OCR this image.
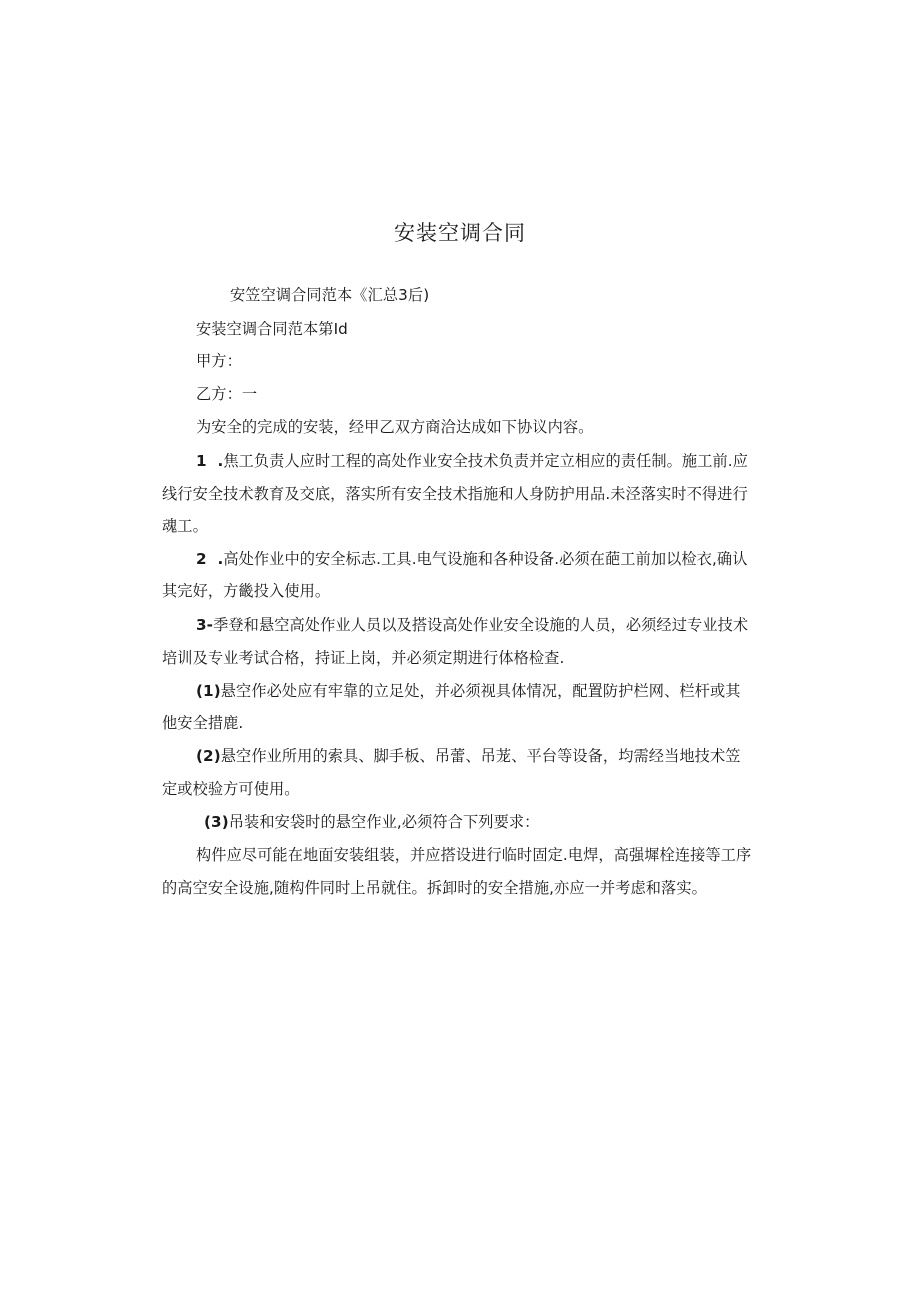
安装空调合同
安笠空调合同范本《汇总3后)
安装空调合同范本第Id
甲方：
乙方：一
为安全的完成的安装，经甲乙双方商洽达成如下协议内容。
1  .焦工负责人应时工程的高处作业安全技术负责并定立相应的责任制。施工前.应
线行安全技术教育及交底，落实所有安全技术指施和人身防护用品.未泾落实时不得进行
魂工。
2  .高处作业中的安全标志.工具.电气设施和各种设备.必须在葩工前加以检衣,确认
其完好，方畿投入使用。
3-季登和悬空高处作业人员以及搭设高处作业安全设施的人员，必须经过专业技术
培训及专业考试合格，持证上岗，并必须定期进行体格检查.
(1)悬空作必处应有牢靠的立足处，并必须视具体情况，配置防护栏网、栏杆或其
他安全措鹿.
(2)悬空作业所用的索具、脚手板、吊蕾、吊茏、平台等设备，均需经当地技术笠
定或校验方可使用。
(3)吊装和安袋时的悬空作业,必须符合下列要求：
构件应尽可能在地面安装组装，并应搭设进行临时固定.电焊，高强墀栓连接等工序
的高空安全设施,随构件同时上吊就住。拆卸时的安全措施,亦应一并考虑和落实。
